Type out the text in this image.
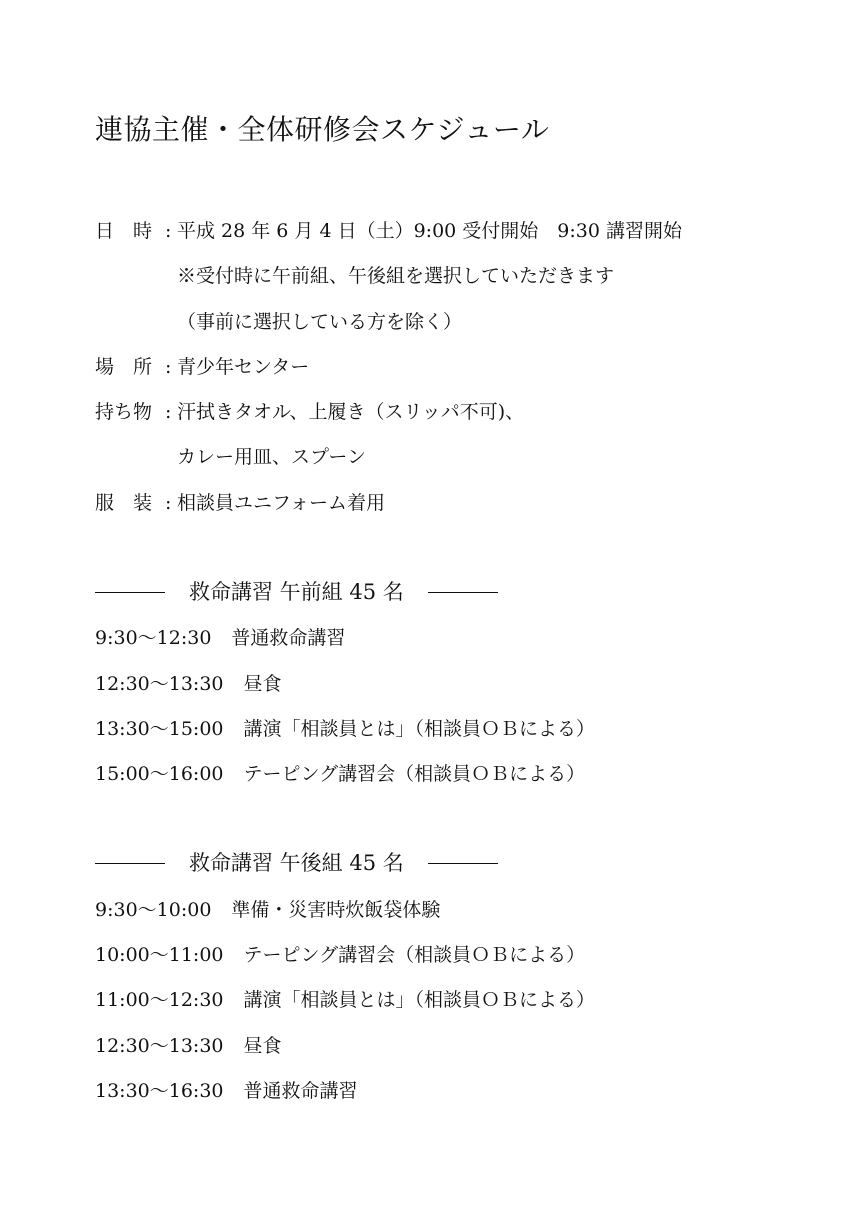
連協主催・全体研修会スケジュール
日　時 : 平成 28 年 6 月 4 日（土）9:00 受付開始　9:30 講習開始
※受付時に午前組、午後組を選択していただきます
（事前に選択している方を除く）
場　所 : 青少年センター
持ち物 : 汗拭きタオル、上履き（スリッパ不可)、
カレー用皿、スプーン
服　装 : 相談員ユニフォーム着用
救命講習 午前組 45 名
9:30～12:30 普通救命講習
12:30～13:30 昼食
13:30～15:00 講演「相談員とは」（相談員ＯＢによる）
15:00～16:00 テーピング講習会（相談員ＯＢによる）
救命講習 午後組 45 名
9:30～10:00 準備・災害時炊飯袋体験
10:00～11:00 テーピング講習会（相談員ＯＢによる）
11:00～12:30 講演「相談員とは」（相談員ＯＢによる）
12:30～13:30 昼食
13:30～16:30 普通救命講習
